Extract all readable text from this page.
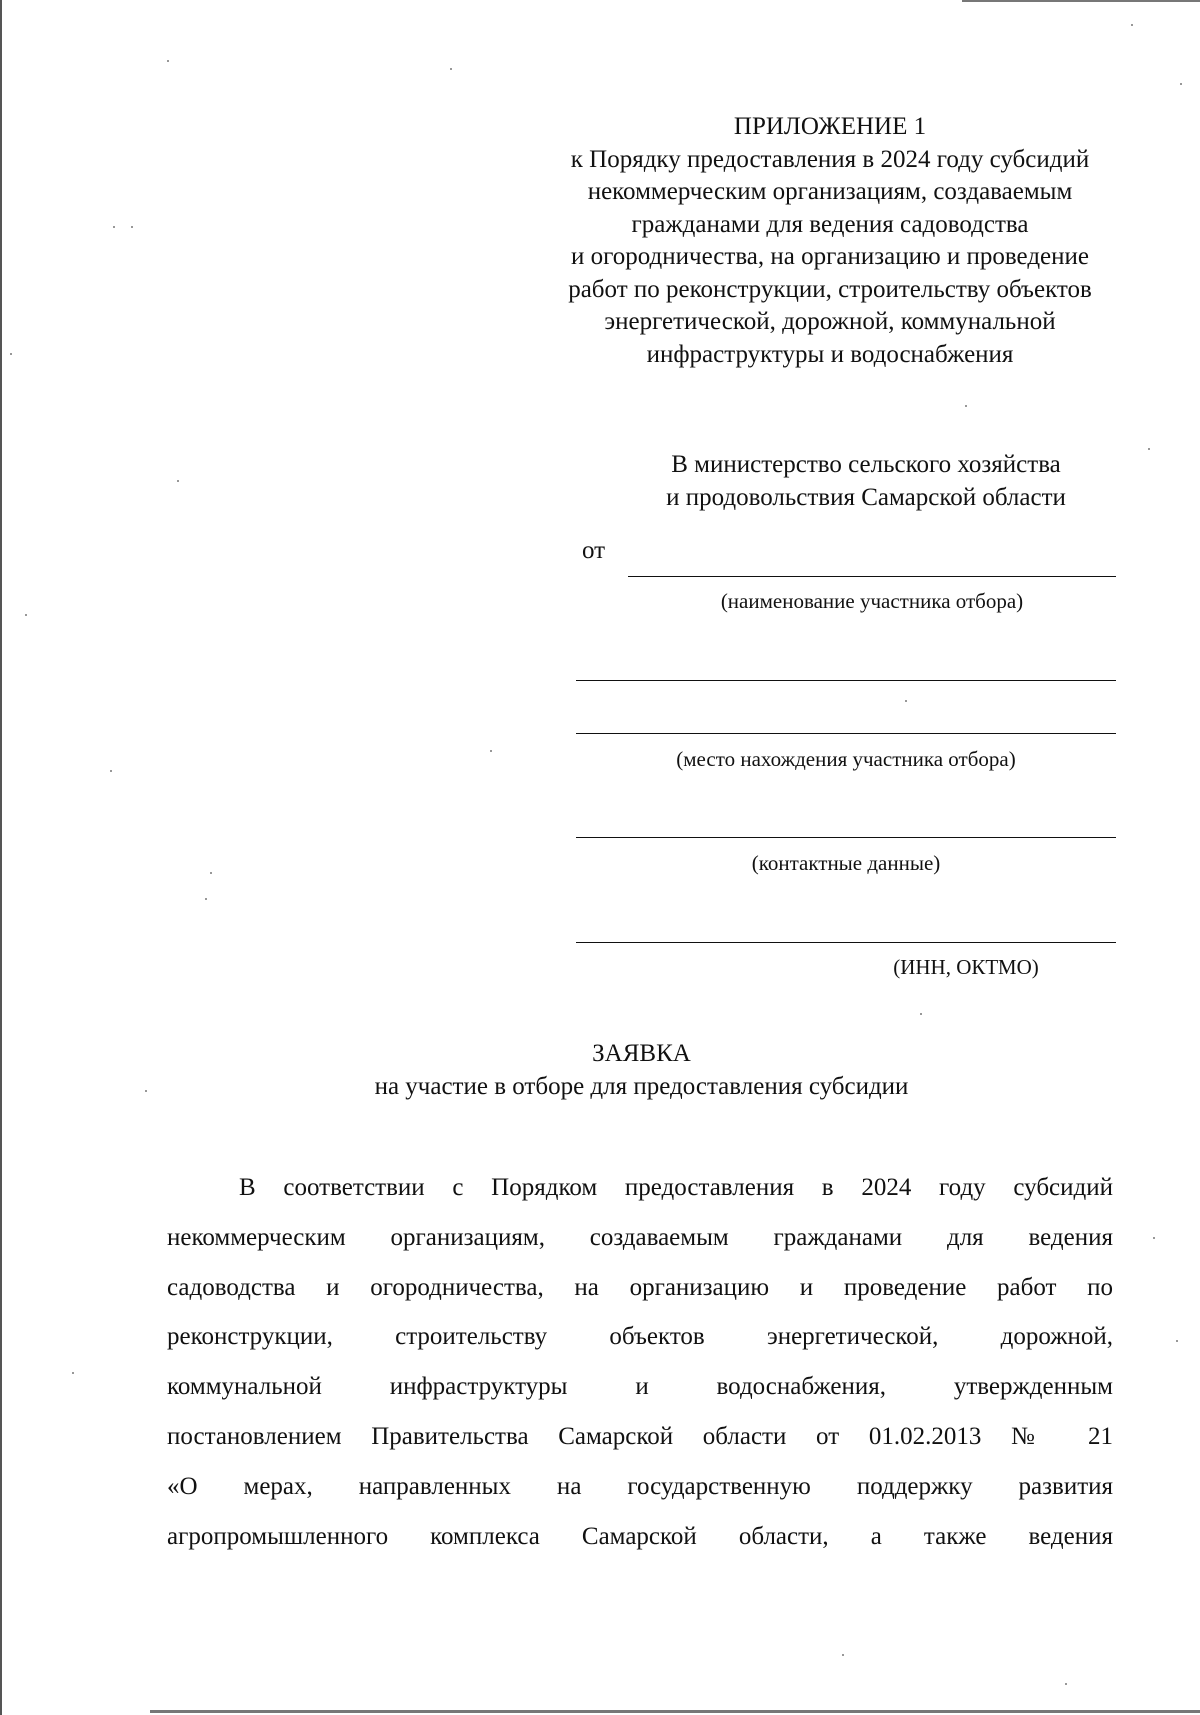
ПРИЛОЖЕНИЕ 1
к Порядку предоставления в 2024 году субсидий
некоммерческим организациям, создаваемым
гражданами для ведения садоводства
и огородничества, на организацию и проведение
работ по реконструкции, строительству объектов
энергетической, дорожной, коммунальной
инфраструктуры и водоснабжения
В министерство сельского хозяйства
и продовольствия Самарской области
от
(наименование участника отбора)
(место нахождения участника отбора)
(контактные данные)
(ИНН, ОКТМО)
ЗАЯВКА
на участие в отборе для предоставления субсидии
В соответствии с Порядком предоставления в 2024 году субсидий
некоммерческим организациям, создаваемым гражданами для ведения
садоводства и огородничества, на организацию и проведение работ по
реконструкции, строительству объектов энергетической, дорожной,
коммунальной инфраструктуры и водоснабжения, утвержденным
постановлением Правительства Самарской области от 01.02.2013 № 21
«О мерах, направленных на государственную поддержку развития
агропромышленного комплекса Самарской области, а также ведения
